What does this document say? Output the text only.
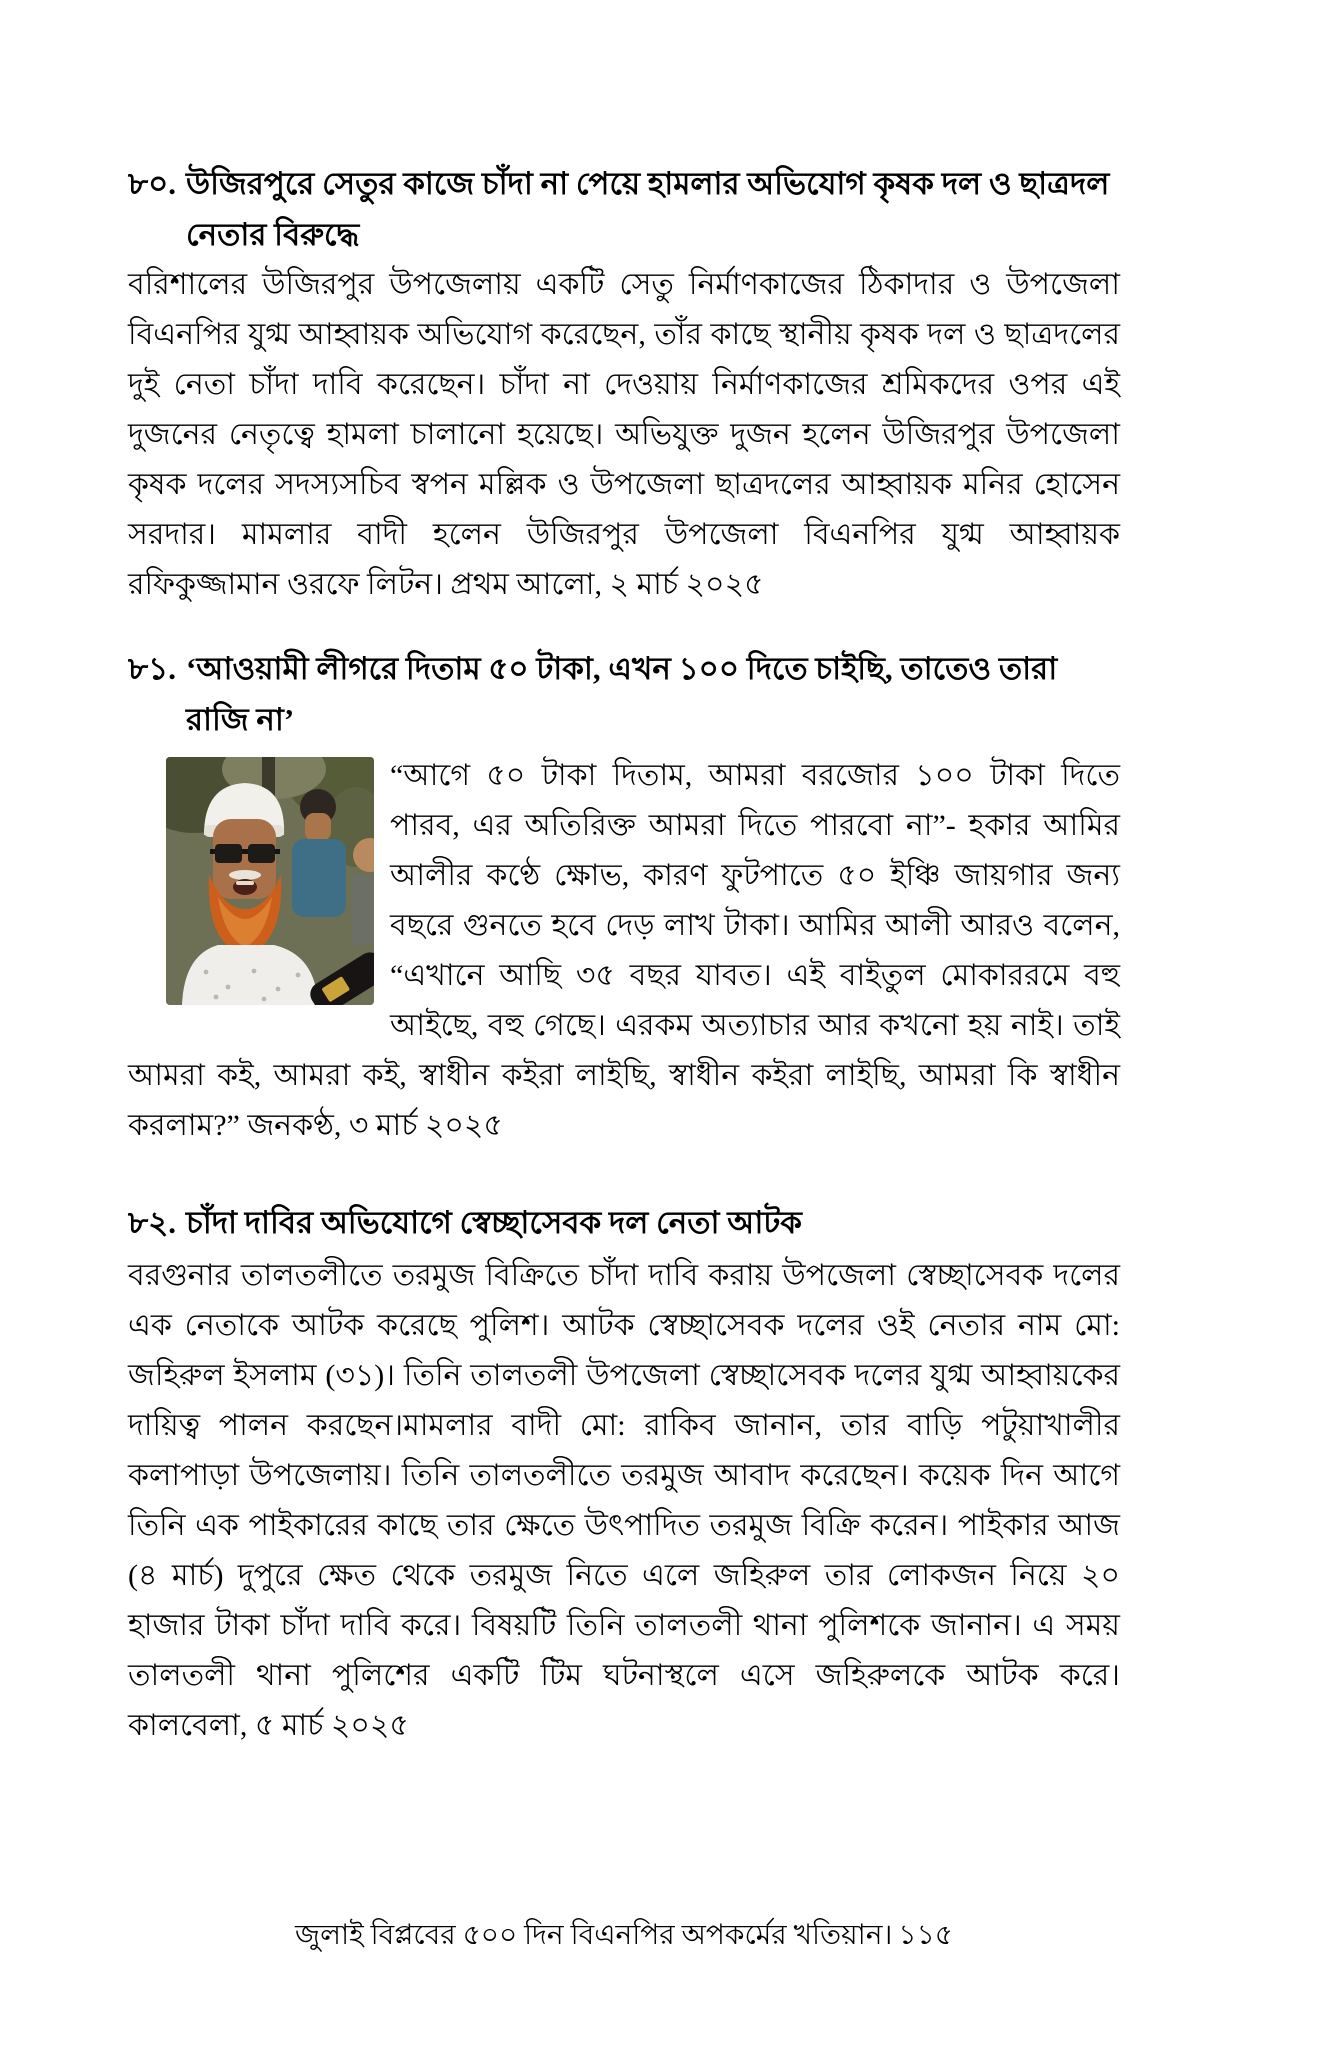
৮০. উজিরপুরে সেতুর কাজে চাঁদা না পেয়ে হামলার অভিযোগ কৃষক দল ও ছাত্রদল নেতার বিরুদ্ধে

বরিশালের উজিরপুর উপজেলায় একটি সেতু নির্মাণকাজের ঠিকাদার ও উপজেলা বিএনপির যুগ্ম আহ্বায়ক অভিযোগ করেছেন, তাঁর কাছে স্থানীয় কৃষক দল ও ছাত্রদলের দুই নেতা চাঁদা দাবি করেছেন। চাঁদা না দেওয়ায় নির্মাণকাজের শ্রমিকদের ওপর এই দুজনের নেতৃত্বে হামলা চালানো হয়েছে। অভিযুক্ত দুজন হলেন উজিরপুর উপজেলা কৃষক দলের সদস্যসচিব স্বপন মল্লিক ও উপজেলা ছাত্রদলের আহ্বায়ক মনির হোসেন সরদার। মামলার বাদী হলেন উজিরপুর উপজেলা বিএনপির যুগ্ম আহ্বায়ক রফিকুজ্জামান ওরফে লিটন। প্রথম আলো, ২ মার্চ ২০২৫

৮১. ‘আওয়ামী লীগরে দিতাম ৫০ টাকা, এখন ১০০ দিতে চাইছি, তাতেও তারা রাজি না’

“আগে ৫০ টাকা দিতাম, আমরা বরজোর ১০০ টাকা দিতে পারব, এর অতিরিক্ত আমরা দিতে পারবো না”- হকার আমির আলীর কণ্ঠে ক্ষোভ, কারণ ফুটপাতে ৫০ ইঞ্চি জায়গার জন্য বছরে গুনতে হবে দেড় লাখ টাকা। আমির আলী আরও বলেন, “এখানে আছি ৩৫ বছর যাবত। এই বাইতুল মোকাররমে বহু আইছে, বহু গেছে। এরকম অত্যাচার আর কখনো হয় নাই। তাই আমরা কই, আমরা কই, স্বাধীন কইরা লাইছি, স্বাধীন কইরা লাইছি, আমরা কি স্বাধীন করলাম?” জনকণ্ঠ, ৩ মার্চ ২০২৫

৮২. চাঁদা দাবির অভিযোগে স্বেচ্ছাসেবক দল নেতা আটক

বরগুনার তালতলীতে তরমুজ বিক্রিতে চাঁদা দাবি করায় উপজেলা স্বেচ্ছাসেবক দলের এক নেতাকে আটক করেছে পুলিশ। আটক স্বেচ্ছাসেবক দলের ওই নেতার নাম মো: জহিরুল ইসলাম (৩১)। তিনি তালতলী উপজেলা স্বেচ্ছাসেবক দলের যুগ্ম আহ্বায়কের দায়িত্ব পালন করছেন।মামলার বাদী মো: রাকিব জানান, তার বাড়ি পটুয়াখালীর কলাপাড়া উপজেলায়। তিনি তালতলীতে তরমুজ আবাদ করেছেন। কয়েক দিন আগে তিনি এক পাইকারের কাছে তার ক্ষেতে উৎপাদিত তরমুজ বিক্রি করেন। পাইকার আজ (৪ মার্চ) দুপুরে ক্ষেত থেকে তরমুজ নিতে এলে জহিরুল তার লোকজন নিয়ে ২০ হাজার টাকা চাঁদা দাবি করে। বিষয়টি তিনি তালতলী থানা পুলিশকে জানান। এ সময় তালতলী থানা পুলিশের একটি টিম ঘটনাস্থলে এসে জহিরুলকে আটক করে। কালবেলা, ৫ মার্চ ২০২৫

জুলাই বিপ্লবের ৫০০ দিন বিএনপির অপকর্মের খতিয়ান। ১১৫
